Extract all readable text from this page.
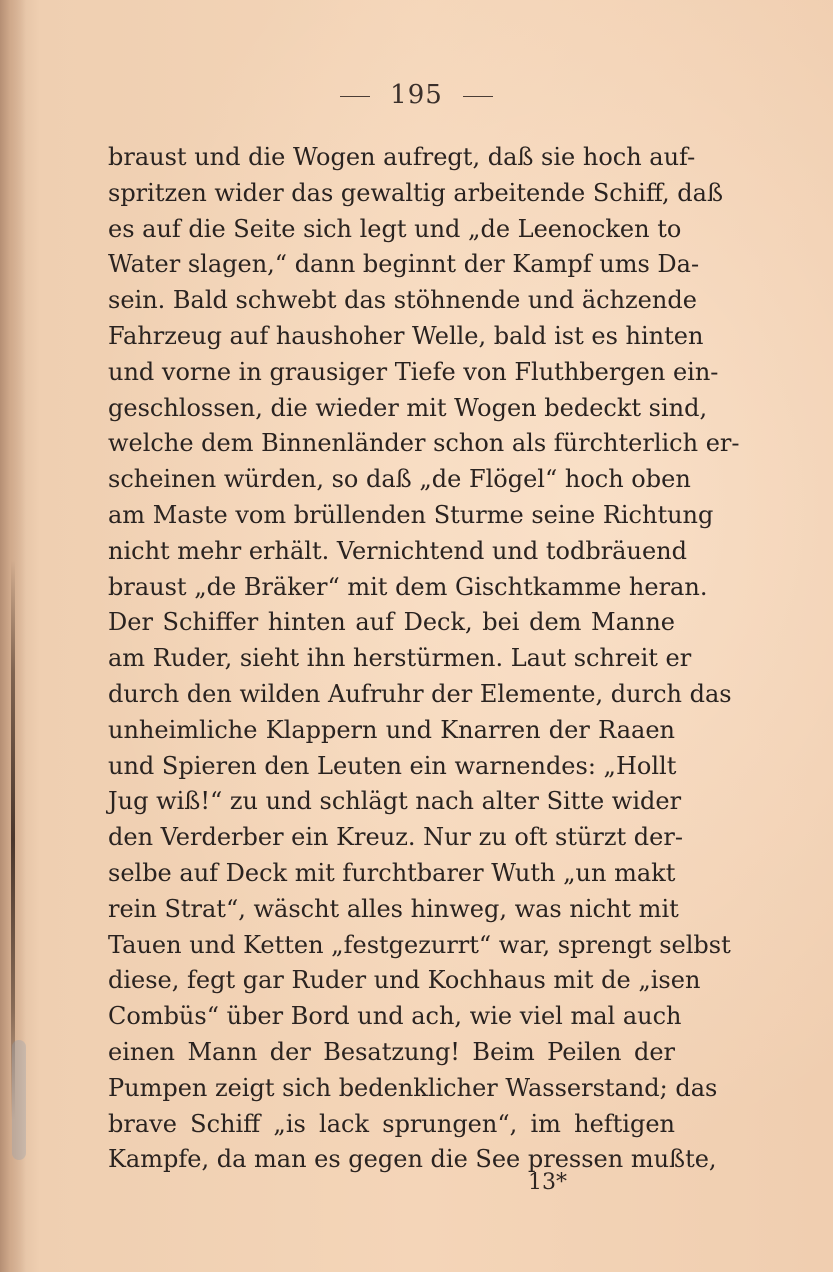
195
braust und die Wogen aufregt, daß sie hoch auf-
spritzen wider das gewaltig arbeitende Schiff, daß
es auf die Seite sich legt und „de Leenocken to
Water slagen,“ dann beginnt der Kampf ums Da-
sein. Bald schwebt das stöhnende und ächzende
Fahrzeug auf haushoher Welle, bald ist es hinten
und vorne in grausiger Tiefe von Fluthbergen ein-
geschlossen, die wieder mit Wogen bedeckt sind,
welche dem Binnenländer schon als fürchterlich er-
scheinen würden, so daß „de Flögel“ hoch oben
am Maste vom brüllenden Sturme seine Richtung
nicht mehr erhält. Vernichtend und todbräuend
braust „de Bräker“ mit dem Gischtkamme heran.
Der Schiffer hinten auf Deck, bei dem Manne
am Ruder, sieht ihn herstürmen. Laut schreit er
durch den wilden Aufruhr der Elemente, durch das
unheimliche Klappern und Knarren der Raaen
und Spieren den Leuten ein warnendes: „Hollt
Jug wiß!“ zu und schlägt nach alter Sitte wider
den Verderber ein Kreuz. Nur zu oft stürzt der-
selbe auf Deck mit furchtbarer Wuth „un makt
rein Strat“, wäscht alles hinweg, was nicht mit
Tauen und Ketten „festgezurrt“ war, sprengt selbst
diese, fegt gar Ruder und Kochhaus mit de „isen
Combüs“ über Bord und ach, wie viel mal auch
einen Mann der Besatzung! Beim Peilen der
Pumpen zeigt sich bedenklicher Wasserstand; das
brave Schiff „is lack sprungen“, im heftigen
Kampfe, da man es gegen die See pressen mußte,
13*
